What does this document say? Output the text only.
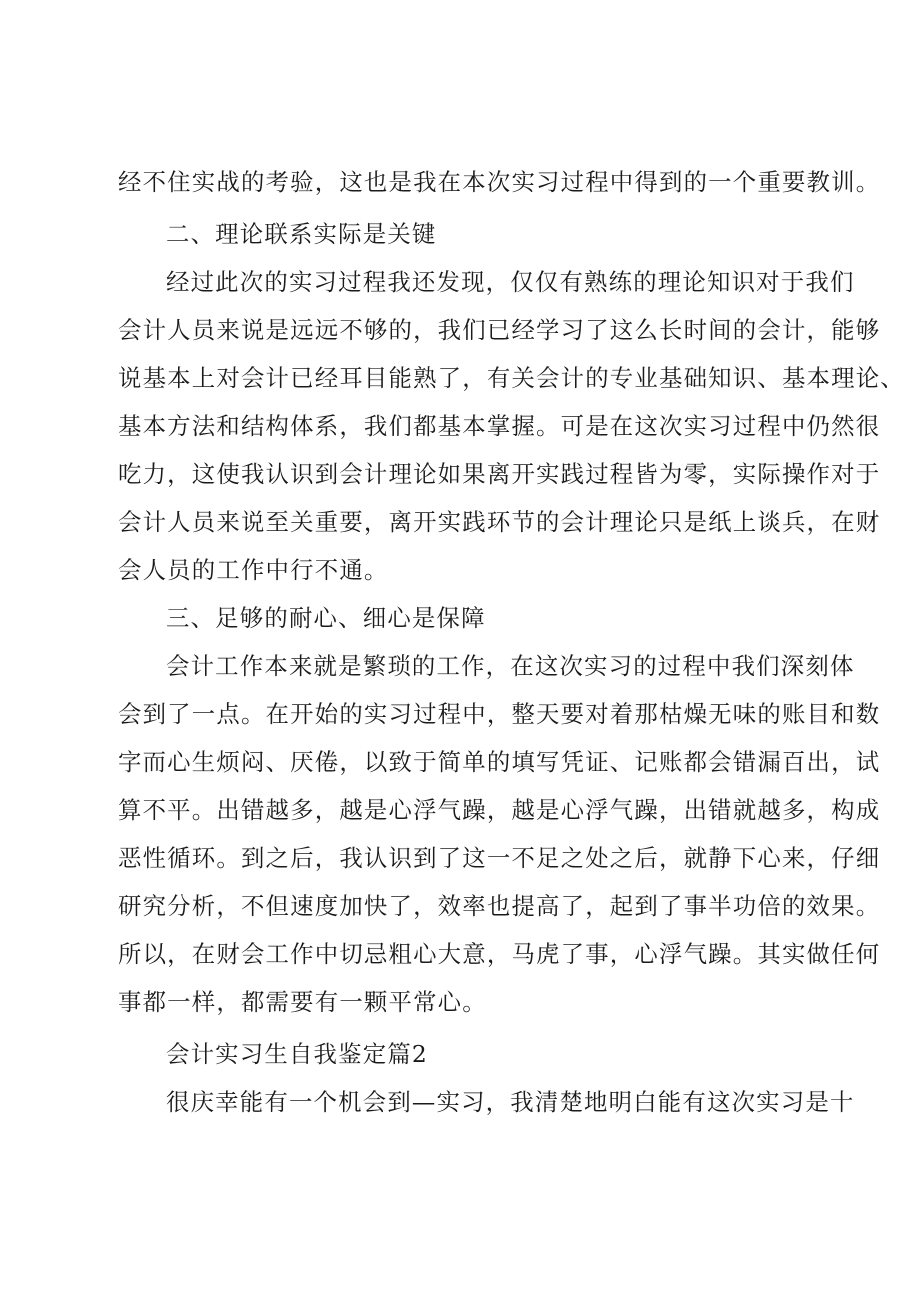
经不住实战的考验，这也是我在本次实习过程中得到的一个重要教训。
二、理论联系实际是关键
经过此次的实习过程我还发现，仅仅有熟练的理论知识对于我们
会计人员来说是远远不够的，我们已经学习了这么长时间的会计，能够
说基本上对会计已经耳目能熟了，有关会计的专业基础知识、基本理论、
基本方法和结构体系，我们都基本掌握。可是在这次实习过程中仍然很
吃力，这使我认识到会计理论如果离开实践过程皆为零，实际操作对于
会计人员来说至关重要，离开实践环节的会计理论只是纸上谈兵，在财
会人员的工作中行不通。
三、足够的耐心、细心是保障
会计工作本来就是繁琐的工作，在这次实习的过程中我们深刻体
会到了一点。在开始的实习过程中，整天要对着那枯燥无味的账目和数
字而心生烦闷、厌倦，以致于简单的填写凭证、记账都会错漏百出，试
算不平。出错越多，越是心浮气躁，越是心浮气躁，出错就越多，构成
恶性循环。到之后，我认识到了这一不足之处之后，就静下心来，仔细
研究分析，不但速度加快了，效率也提高了，起到了事半功倍的效果。
所以，在财会工作中切忌粗心大意，马虎了事，心浮气躁。其实做任何
事都一样，都需要有一颗平常心。
会计实习生自我鉴定篇2
很庆幸能有一个机会到—实习，我清楚地明白能有这次实习是十
